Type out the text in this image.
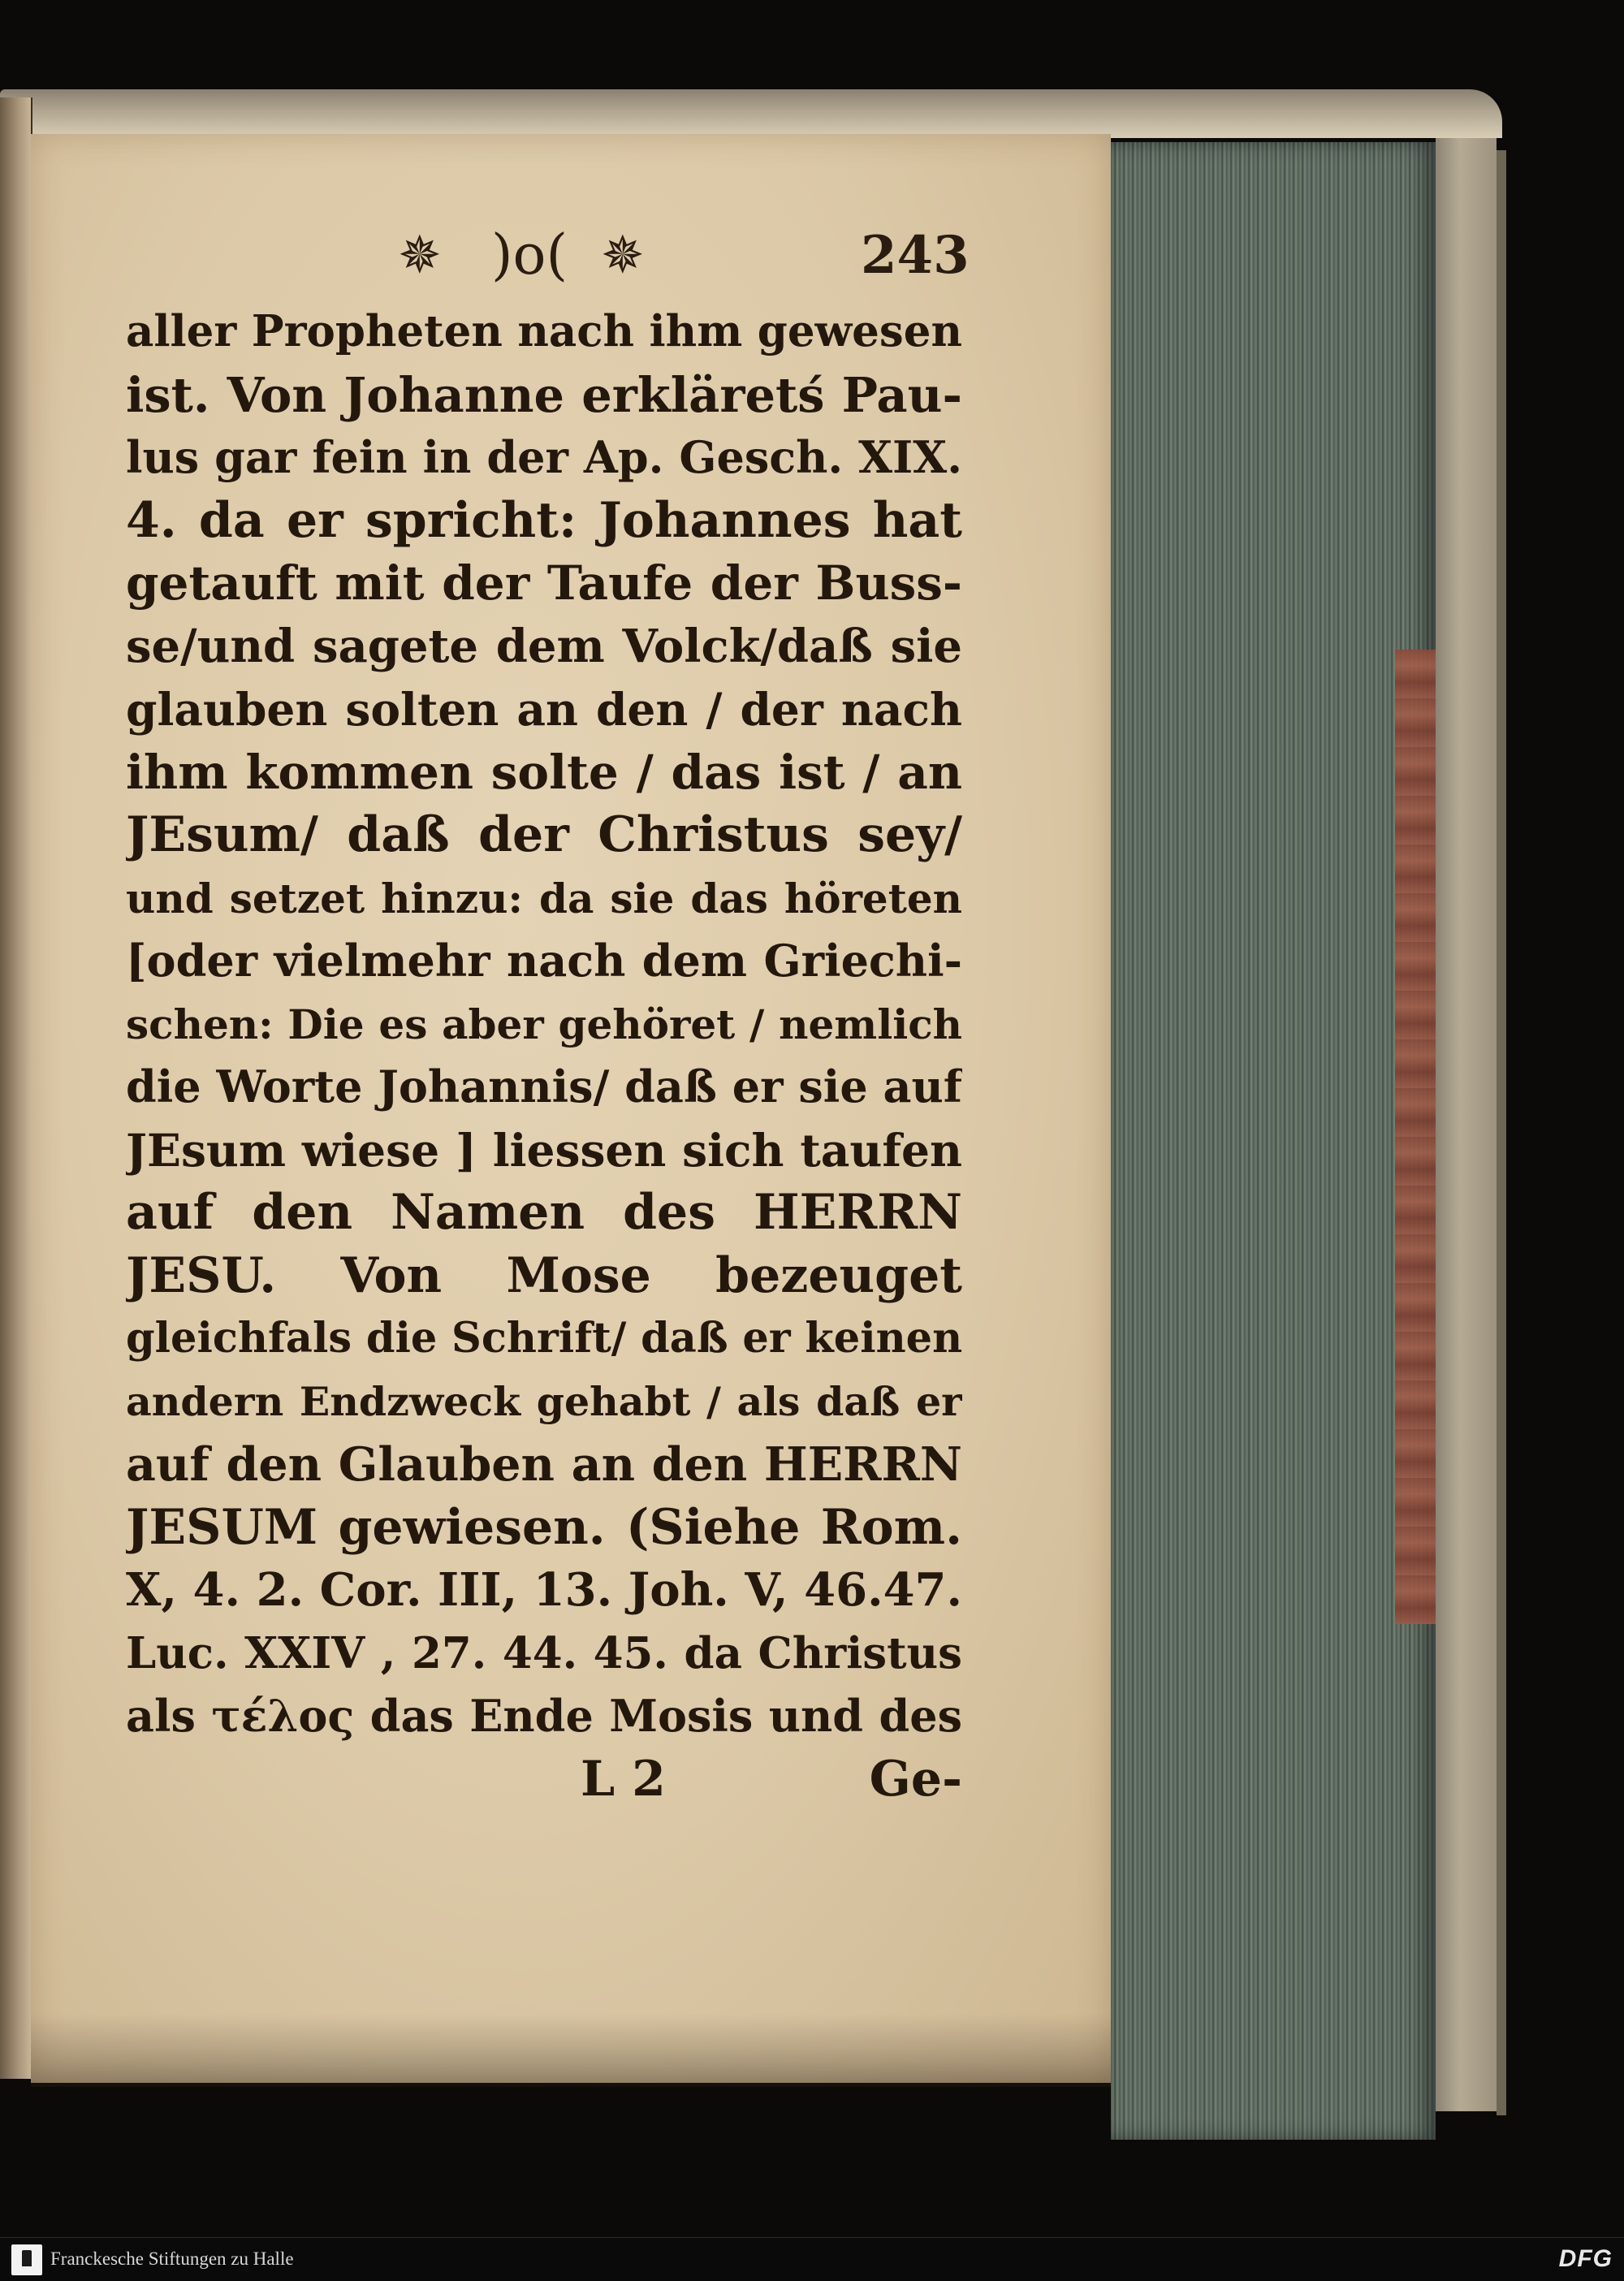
✵ )o( ✵	243
aller Propheten nach ihm gewesen
ist. Von Johanne erkläretś Pau-
lus gar fein in der Ap. Gesch. XIX.
4. da er spricht: Johannes hat
getauft mit der Taufe der Buss-
se/und sagete dem Volck/daß sie
glauben solten an den / der nach
ihm kommen solte / das ist / an
JEsum/ daß der Christus sey/
und setzet hinzu: da sie das höreten
[oder vielmehr nach dem Griechi-
schen: Die es aber gehöret / nemlich
die Worte Johannis/ daß er sie auf
JEsum wiese ] liessen sich taufen
auf den Namen des HERRN
JESU. Von Mose bezeuget
gleichfals die Schrift/ daß er keinen
andern Endzweck gehabt / als daß er
auf den Glauben an den HERRN
JESUM gewiesen. (Siehe Rom.
X, 4. 2. Cor. III, 13. Joh. V, 46.47.
Luc. XXIV , 27. 44. 45. da Christus
als τέλος das Ende Mosis und des
L 2	Ge-
Franckesche Stiftungen zu Halle	DFG
